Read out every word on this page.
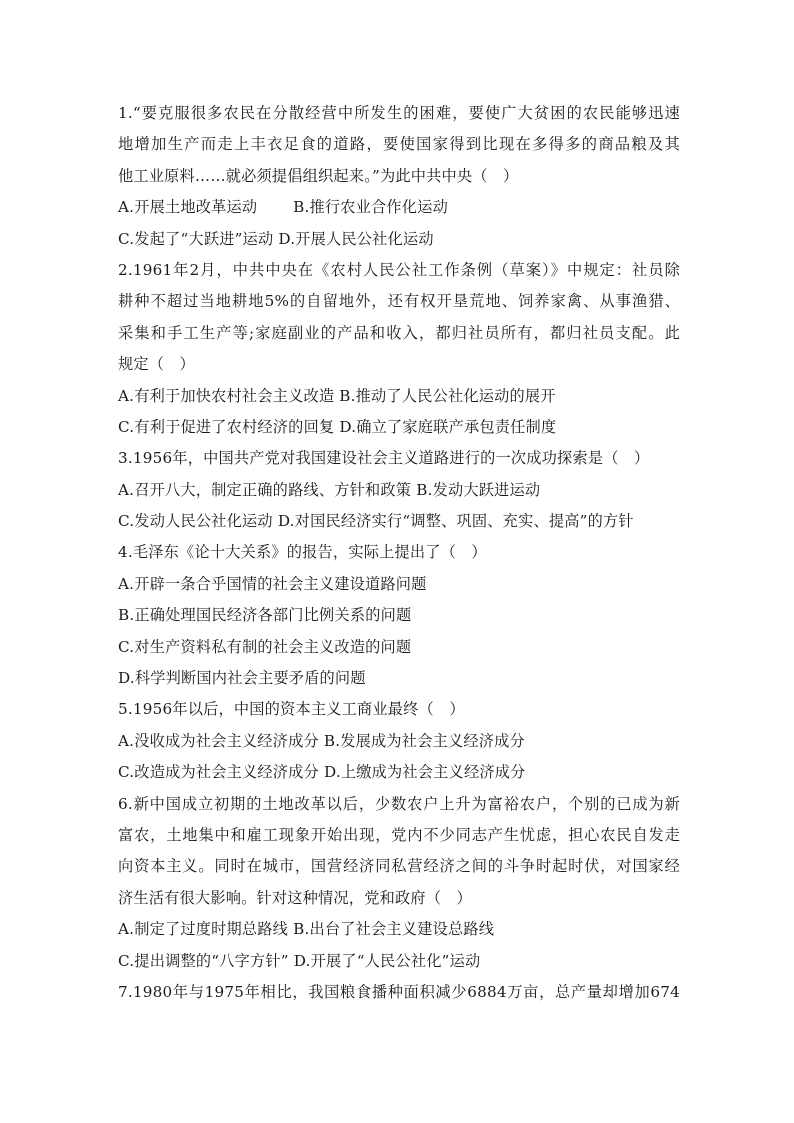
1.“要克服很多农民在分散经营中所发生的困难，要使广大贫困的农民能够迅速
地增加生产而走上丰衣足食的道路，要使国家得到比现在多得多的商品粮及其
他工业原料……就必须提倡组织起来。”为此中共中央（　）
A.开展土地改革运动　　 B.推行农业合作化运动
C.发起了“大跃进”运动 D.开展人民公社化运动
2.1961年2月，中共中央在《农村人民公社工作条例（草案）》中规定：社员除
耕种不超过当地耕地5%的自留地外，还有权开垦荒地、饲养家禽、从事渔猎、
采集和手工生产等;家庭副业的产品和收入，都归社员所有，都归社员支配。此
规定（　）
A.有利于加快农村社会主义改造 B.推动了人民公社化运动的展开
C.有利于促进了农村经济的回复 D.确立了家庭联产承包责任制度
3.1956年，中国共产党对我国建设社会主义道路进行的一次成功探索是（　）
A.召开八大，制定正确的路线、方针和政策 B.发动大跃进运动
C.发动人民公社化运动 D.对国民经济实行“调整、巩固、充实、提高”的方针
4.毛泽东《论十大关系》的报告，实际上提出了（　）
A.开辟一条合乎国情的社会主义建设道路问题
B.正确处理国民经济各部门比例关系的问题
C.对生产资料私有制的社会主义改造的问题
D.科学判断国内社会主要矛盾的问题
5.1956年以后，中国的资本主义工商业最终（　）
A.没收成为社会主义经济成分 B.发展成为社会主义经济成分
C.改造成为社会主义经济成分 D.上缴成为社会主义经济成分
6.新中国成立初期的土地改革以后，少数农户上升为富裕农户，个别的已成为新
富农，土地集中和雇工现象开始出现，党内不少同志产生忧虑，担心农民自发走
向资本主义。同时在城市，国营经济同私营经济之间的斗争时起时伏，对国家经
济生活有很大影响。针对这种情况，党和政府（　）
A.制定了过度时期总路线 B.出台了社会主义建设总路线
C.提出调整的“八字方针” D.开展了“人民公社化”运动
7.1980年与1975年相比，我国粮食播种面积减少6884万亩，总产量却增加674
